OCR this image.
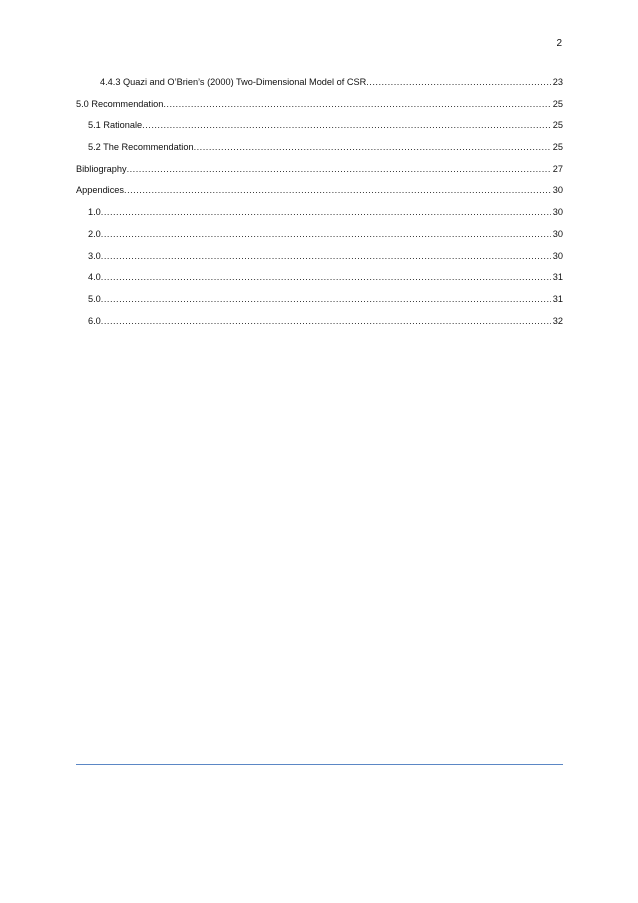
2
4.4.3 Quazi and O’Brien’s (2000) Two-Dimensional Model of CSR .....	23
5.0 Recommendation .....	25
5.1 Rationale .....	25
5.2 The Recommendation .....	25
Bibliography .....	27
Appendices .....	30
1.0 .....	30
2.0 .....	30
3.0 .....	30
4.0 .....	31
5.0 .....	31
6.0 .....	32
